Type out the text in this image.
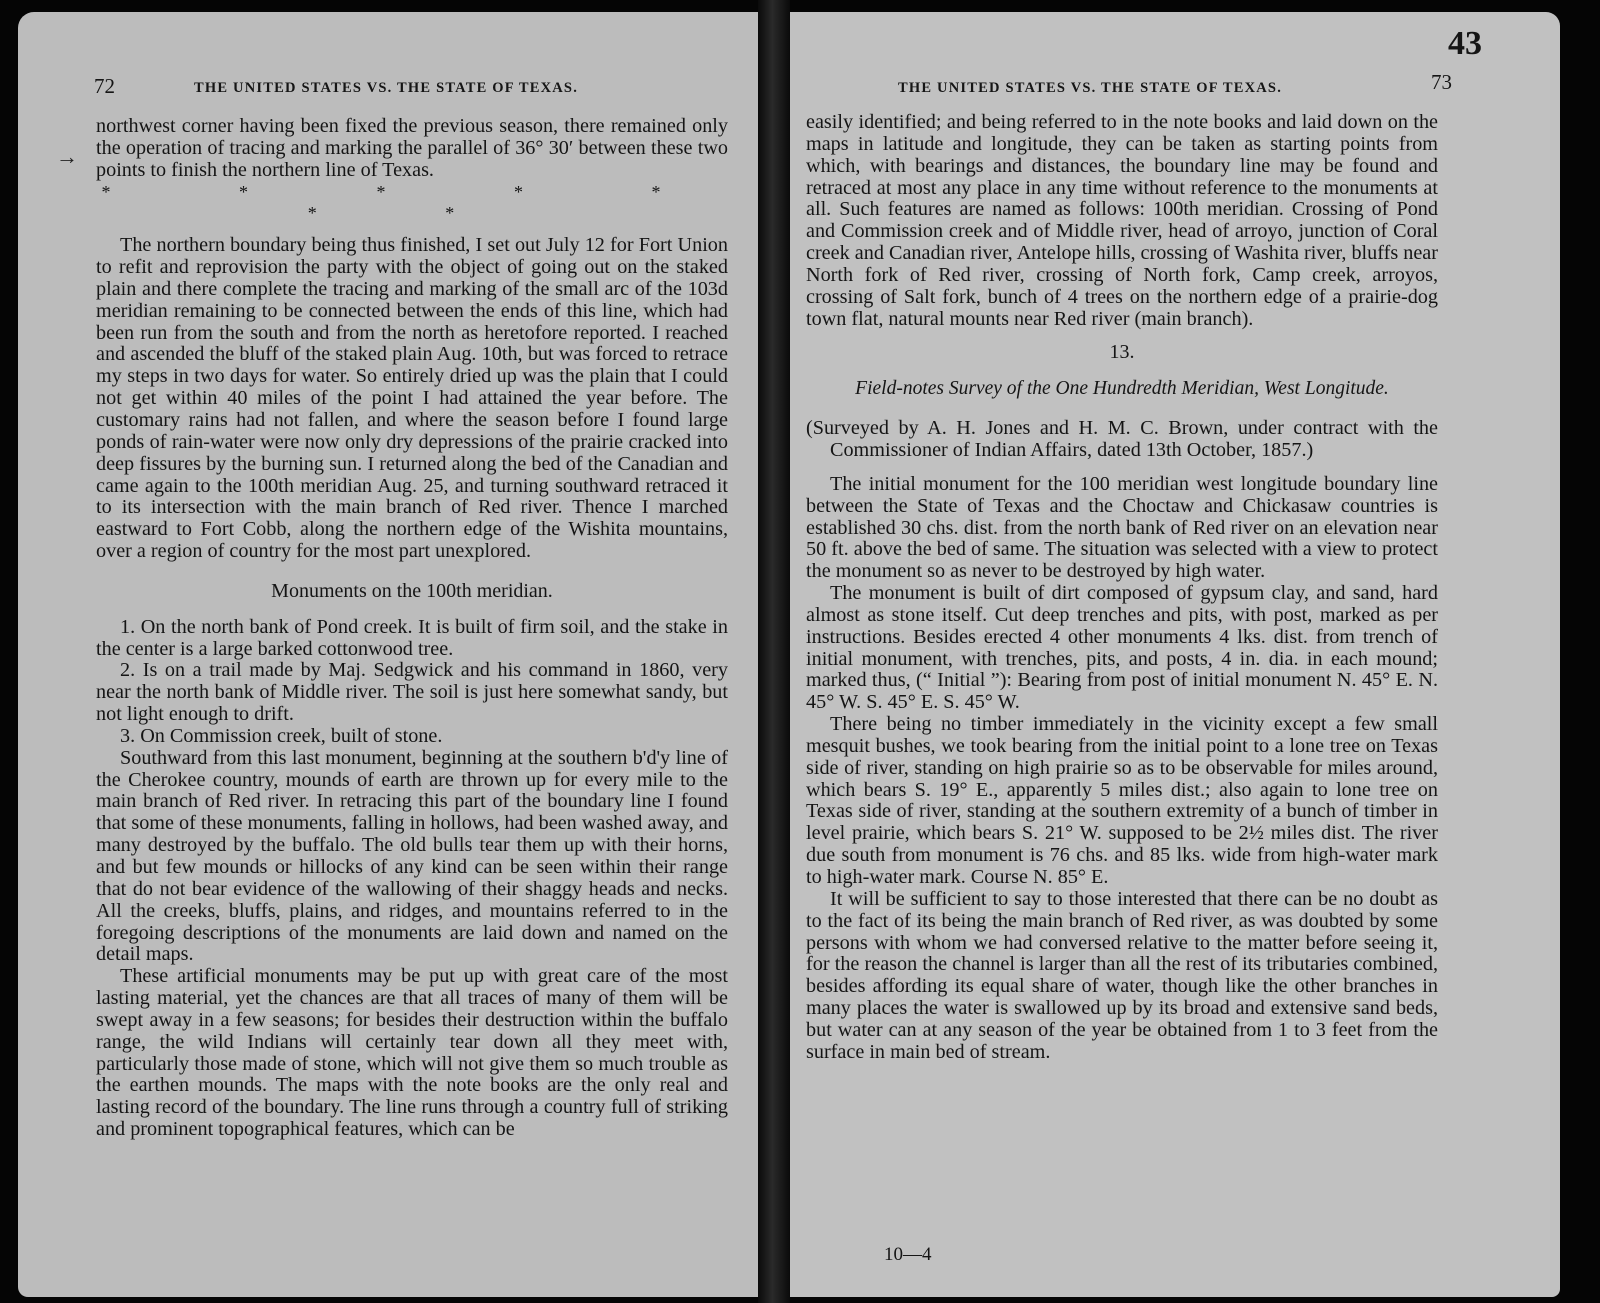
72	THE UNITED STATES VS. THE STATE OF TEXAS.

northwest corner having been fixed the previous season, there remained only the operation of tracing and marking the parallel of 36° 30′ between these two points to finish the northern line of Texas.

* * * * * * *

The northern boundary being thus finished, I set out July 12 for Fort Union to refit and reprovision the party with the object of going out on the staked plain and there complete the tracing and marking of the small arc of the 103d meridian remaining to be connected between the ends of this line, which had been run from the south and from the north as heretofore reported. I reached and ascended the bluff of the staked plain Aug. 10th, but was forced to retrace my steps in two days for water. So entirely dried up was the plain that I could not get within 40 miles of the point I had attained the year before. The customary rains had not fallen, and where the season before I found large ponds of rain-water were now only dry depressions of the prairie cracked into deep fissures by the burning sun. I returned along the bed of the Canadian and came again to the 100th meridian Aug. 25, and turning southward retraced it to its intersection with the main branch of Red river. Thence I marched eastward to Fort Cobb, along the northern edge of the Wishita mountains, over a region of country for the most part unexplored.

Monuments on the 100th meridian.

1. On the north bank of Pond creek. It is built of firm soil, and the stake in the center is a large barked cottonwood tree.

2. Is on a trail made by Maj. Sedgwick and his command in 1860, very near the north bank of Middle river. The soil is just here somewhat sandy, but not light enough to drift.

3. On Commission creek, built of stone.

Southward from this last monument, beginning at the southern b'd'y line of the Cherokee country, mounds of earth are thrown up for every mile to the main branch of Red river. In retracing this part of the boundary line I found that some of these monuments, falling in hollows, had been washed away, and many destroyed by the buffalo. The old bulls tear them up with their horns, and but few mounds or hillocks of any kind can be seen within their range that do not bear evidence of the wallowing of their shaggy heads and necks. All the creeks, bluffs, plains, and ridges, and mountains referred to in the foregoing descriptions of the monuments are laid down and named on the detail maps.

These artificial monuments may be put up with great care of the most lasting material, yet the chances are that all traces of many of them will be swept away in a few seasons; for besides their destruction within the buffalo range, the wild Indians will certainly tear down all they meet with, particularly those made of stone, which will not give them so much trouble as the earthen mounds. The maps with the note books are the only real and lasting record of the boundary. The line runs through a country full of striking and prominent topographical features, which can be

→
43
73
THE UNITED STATES VS. THE STATE OF TEXAS.

easily identified; and being referred to in the note books and laid down on the maps in latitude and longitude, they can be taken as starting points from which, with bearings and distances, the boundary line may be found and retraced at most any place in any time without reference to the monuments at all. Such features are named as follows: 100th meridian. Crossing of Pond and Commission creek and of Middle river, head of arroyo, junction of Coral creek and Canadian river, Antelope hills, crossing of Washita river, bluffs near North fork of Red river, crossing of North fork, Camp creek, arroyos, crossing of Salt fork, bunch of 4 trees on the northern edge of a prairie-dog town flat, natural mounts near Red river (main branch).

13.
Field-notes Survey of the One Hundredth Meridian, West Longitude.

(Surveyed by A. H. Jones and H. M. C. Brown, under contract with the Commissioner of Indian Affairs, dated 13th October, 1857.)

The initial monument for the 100 meridian west longitude boundary line between the State of Texas and the Choctaw and Chickasaw countries is established 30 chs. dist. from the north bank of Red river on an elevation near 50 ft. above the bed of same. The situation was selected with a view to protect the monument so as never to be destroyed by high water.

The monument is built of dirt composed of gypsum clay, and sand, hard almost as stone itself. Cut deep trenches and pits, with post, marked as per instructions. Besides erected 4 other monuments 4 lks. dist. from trench of initial monument, with trenches, pits, and posts, 4 in. dia. in each mound; marked thus, (“ Initial ”): Bearing from post of initial monument N. 45° E. N. 45° W. S. 45° E. S. 45° W.

There being no timber immediately in the vicinity except a few small mesquit bushes, we took bearing from the initial point to a lone tree on Texas side of river, standing on high prairie so as to be observable for miles around, which bears S. 19° E., apparently 5 miles dist.; also again to lone tree on Texas side of river, standing at the southern extremity of a bunch of timber in level prairie, which bears S. 21° W. supposed to be 2½ miles dist. The river due south from monument is 76 chs. and 85 lks. wide from high-water mark to high-water mark. Course N. 85° E.

It will be sufficient to say to those interested that there can be no doubt as to the fact of its being the main branch of Red river, as was doubted by some persons with whom we had conversed relative to the matter before seeing it, for the reason the channel is larger than all the rest of its tributaries combined, besides affording its equal share of water, though like the other branches in many places the water is swallowed up by its broad and extensive sand beds, but water can at any season of the year be obtained from 1 to 3 feet from the surface in main bed of stream.

10—4
